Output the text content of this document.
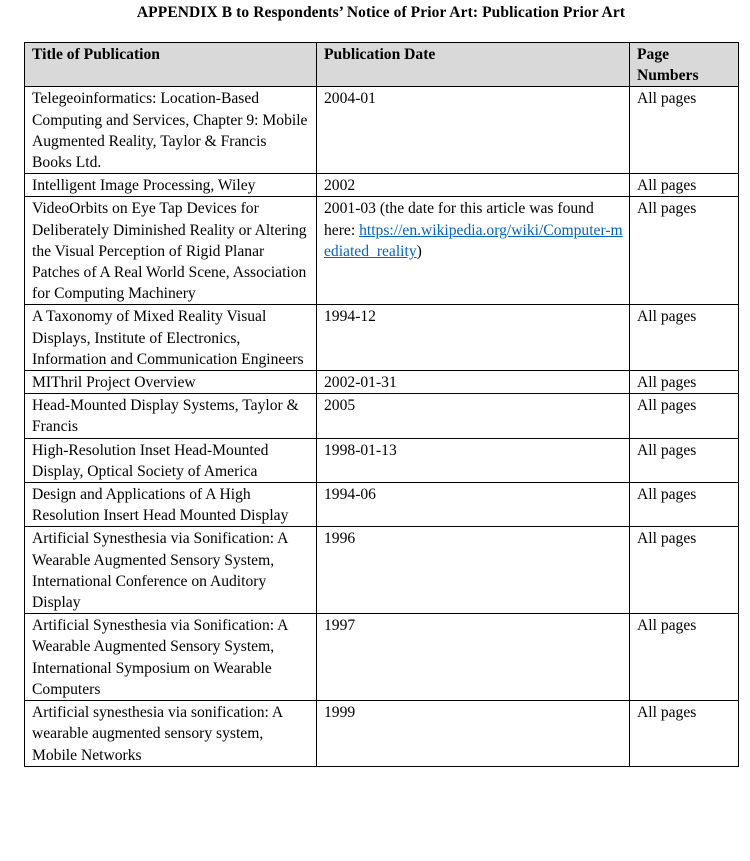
APPENDIX B to Respondents’ Notice of Prior Art: Publication Prior Art
Title of Publication	Publication Date	Page Numbers
Telegeoinformatics: Location-Based Computing and Services, Chapter 9: Mobile Augmented Reality, Taylor & Francis Books Ltd.	2004-01	All pages
Intelligent Image Processing, Wiley	2002	All pages
VideoOrbits on Eye Tap Devices for Deliberately Diminished Reality or Altering the Visual Perception of Rigid Planar Patches of A Real World Scene, Association for Computing Machinery	2001-03 (the date for this article was found here: https://en.wikipedia.org/wiki/Computer-mediated_reality)	All pages
A Taxonomy of Mixed Reality Visual Displays, Institute of Electronics, Information and Communication Engineers	1994-12	All pages
MIThril Project Overview	2002-01-31	All pages
Head-Mounted Display Systems, Taylor & Francis	2005	All pages
High-Resolution Inset Head-Mounted Display, Optical Society of America	1998-01-13	All pages
Design and Applications of A High Resolution Insert Head Mounted Display	1994-06	All pages
Artificial Synesthesia via Sonification: A Wearable Augmented Sensory System, International Conference on Auditory Display	1996	All pages
Artificial Synesthesia via Sonification: A Wearable Augmented Sensory System, International Symposium on Wearable Computers	1997	All pages
Artificial synesthesia via sonification: A wearable augmented sensory system, Mobile Networks	1999	All pages
